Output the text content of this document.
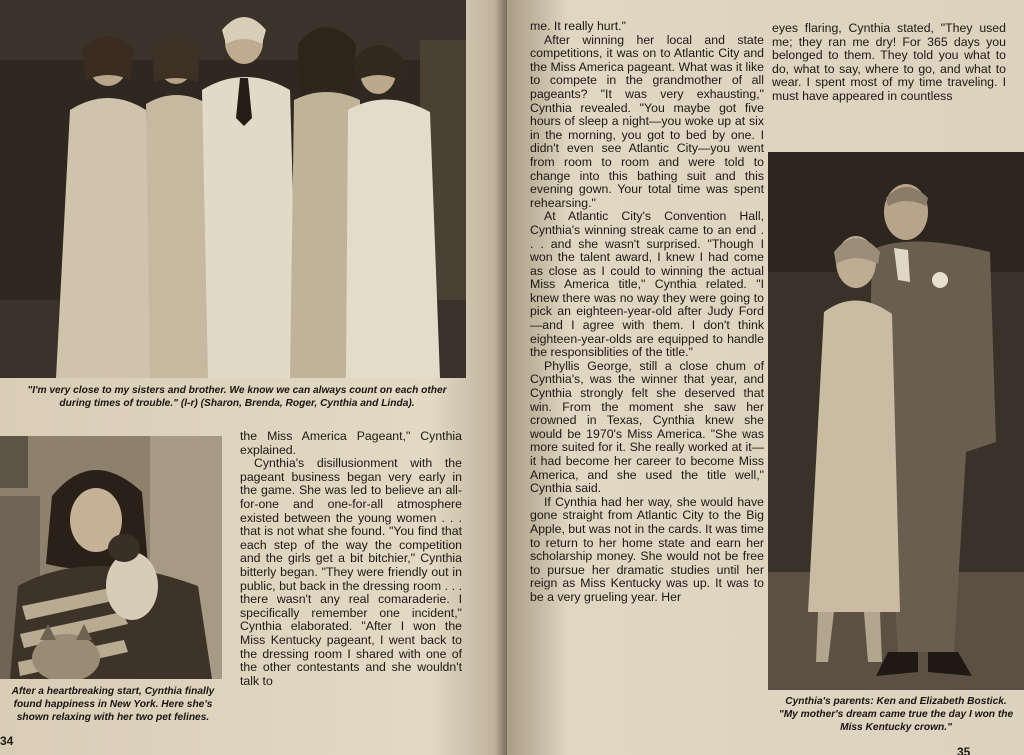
"I'm very close to my sisters and brother. We know we can always count on each other during times of trouble." (l-r) (Sharon, Brenda, Roger, Cynthia and Linda).
After a heartbreaking start, Cynthia finally found happiness in New York. Here she's shown relaxing with her two pet felines.

the Miss America Pageant," Cynthia explained.

Cynthia's disillusionment with the pageant business began very early in the game. She was led to believe an all-for-one and one-for-all atmosphere existed between the young women . . . that is not what she found. "You find that each step of the way the competition and the girls get a bit bitchier," Cynthia bitterly began. "They were friendly out in public, but back in the dressing room . . . there wasn't any real comaraderie. I specifically remember one incident," Cynthia elaborated. "After I won the Miss Kentucky pageant, I went back to the dressing room I shared with one of the other contestants and she wouldn't talk to

34

me. It really hurt."

After winning her local and state competitions, it was on to Atlantic City and the Miss America pageant. What was it like to compete in the grandmother of all pageants? "It was very exhausting," Cynthia revealed. "You maybe got five hours of sleep a night—you woke up at six in the morning, you got to bed by one. I didn't even see Atlantic City—you went from room to room and were told to change into this bathing suit and this evening gown. Your total time was spent rehearsing."

At Atlantic City's Convention Hall, Cynthia's winning streak came to an end . . . and she wasn't surprised. "Though I won the talent award, I knew I had come as close as I could to winning the actual Miss America title," Cynthia related. "I knew there was no way they were going to pick an eighteen-year-old after Judy Ford—and I agree with them. I don't think eighteen-year-olds are equipped to handle the responsiblities of the title."

Phyllis George, still a close chum of Cynthia's, was the winner that year, and Cynthia strongly felt she deserved that win. From the moment she saw her crowned in Texas, Cynthia knew she would be 1970's Miss America. "She was more suited for it. She really worked at it—it had become her career to become Miss America, and she used the title well," Cynthia said.

If Cynthia had her way, she would have gone straight from Atlantic City to the Big Apple, but was not in the cards. It was time to return to her home state and earn her scholarship money. She would not be free to pursue her dramatic studies until her reign as Miss Kentucky was up. It was to be a very grueling year. Her

eyes flaring, Cynthia stated, "They used me; they ran me dry! For 365 days you belonged to them. They told you what to do, what to say, where to go, and what to wear. I spent most of my time traveling. I must have appeared in countless

Cynthia's parents: Ken and Elizabeth Bostick. "My mother's dream came true the day I won the Miss Kentucky crown."
35
